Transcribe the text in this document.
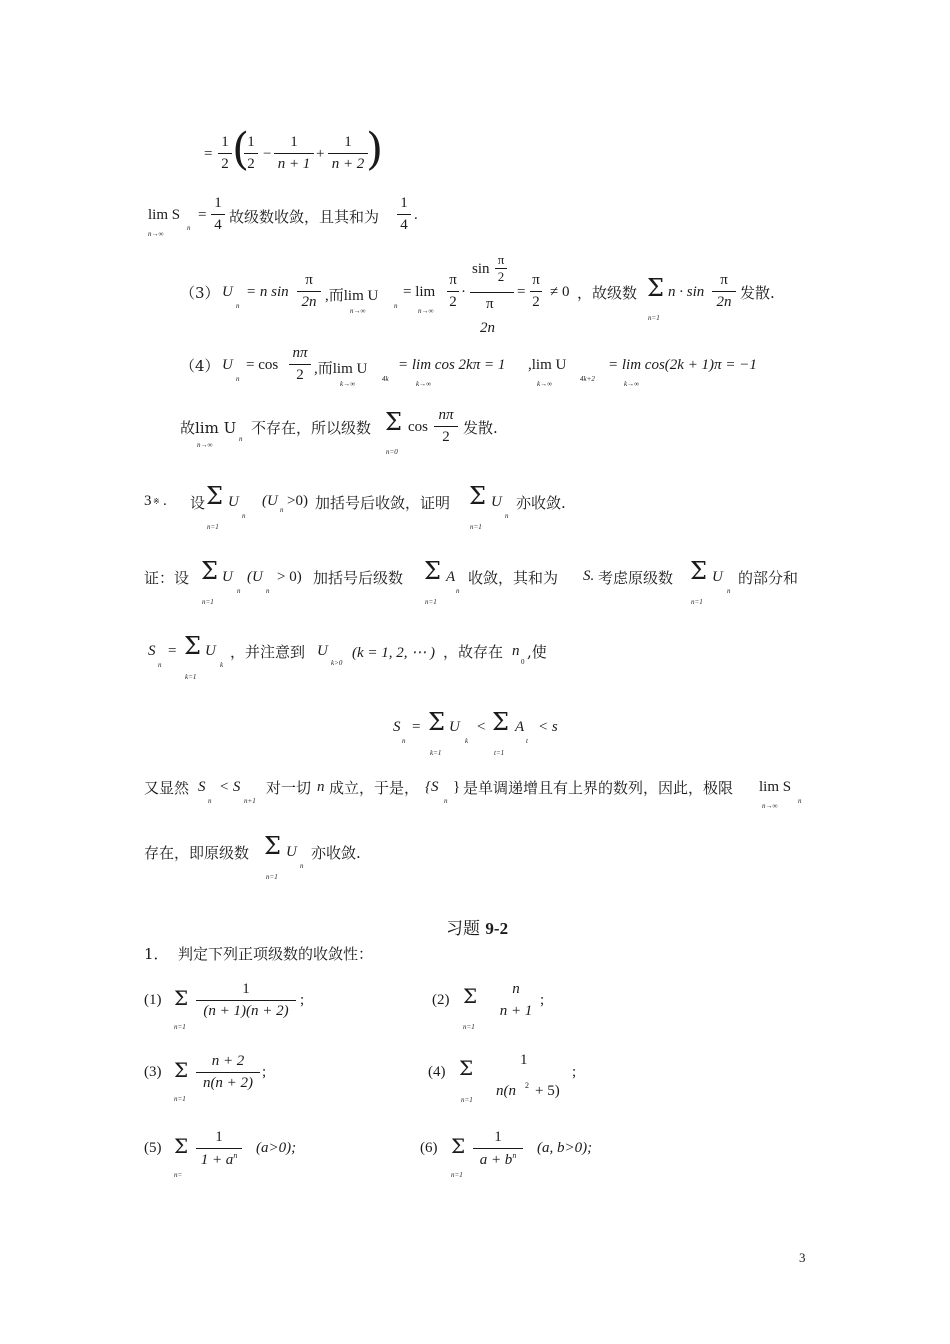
=
1
2 (
1
2
−
1
n + 1
+
1
n + 2 )
lim S
n→∞
n
=
1
4 故级数收敛，且其和为
1
4
.
（3） U
n
= n sin
π
2n ,而lim U
n→∞
n
= lim
n→∞
π
2
·
sin
π
2
π
2n
=
π
2
≠ 0 ，故级数 Σ
n=1
n · sin
π
2n 发散.
（4） U
n
= cos
nπ
2 ,而lim U
k→∞
4k
= lim cos 2kπ = 1
k→∞
,lim U
k→∞
4k+2
= lim cos(2k + 1)π = −1
k→∞
故lim U
n→∞
n
不存在，所以级数 Σ
n=0
cos
nπ
2 发散.
3 ※ . 设 Σ U
n
n=1
(U
n
>0) 加括号后收敛，证明 Σ U
n
n=1
亦收敛.
证：设 Σ U
n
n=1
(U
n
> 0) 加括号后级数 Σ A
n
n=1
收敛，其和为 S. 考虑原级数 Σ U
n
n=1
的部分和
S
n
= Σ U
k
k=1
，并注意到 U
k>0
(k = 1, 2, ⋯ ) ，故存在 n
0
,使
S
n
= Σ U
k
k=1
< Σ A
t
t=1
< s
又显然 S
n
< S
n+1
对一切 n 成立，于是， {S
n
} 是单调递增且有上界的数列，因此，极限 lim S
n→∞
n
存在，即原级数 Σ U
n
n=1
亦收敛.
习题 9-2
1． 判定下列正项级数的收敛性：
(1) Σ
n=1
1
(n + 1)(n + 2)
;	(2) Σ
n=1
n
n + 1
;
(3) Σ
n=1
n + 2
n(n + 2)
;	(4) Σ
n=1
1
n(n 2 + 5)
;
(5) Σ
n=
1
$1 + a^n$	(a>0);	(6) Σ
n=1
1
$a + b^n$	(a, b>0);
3
